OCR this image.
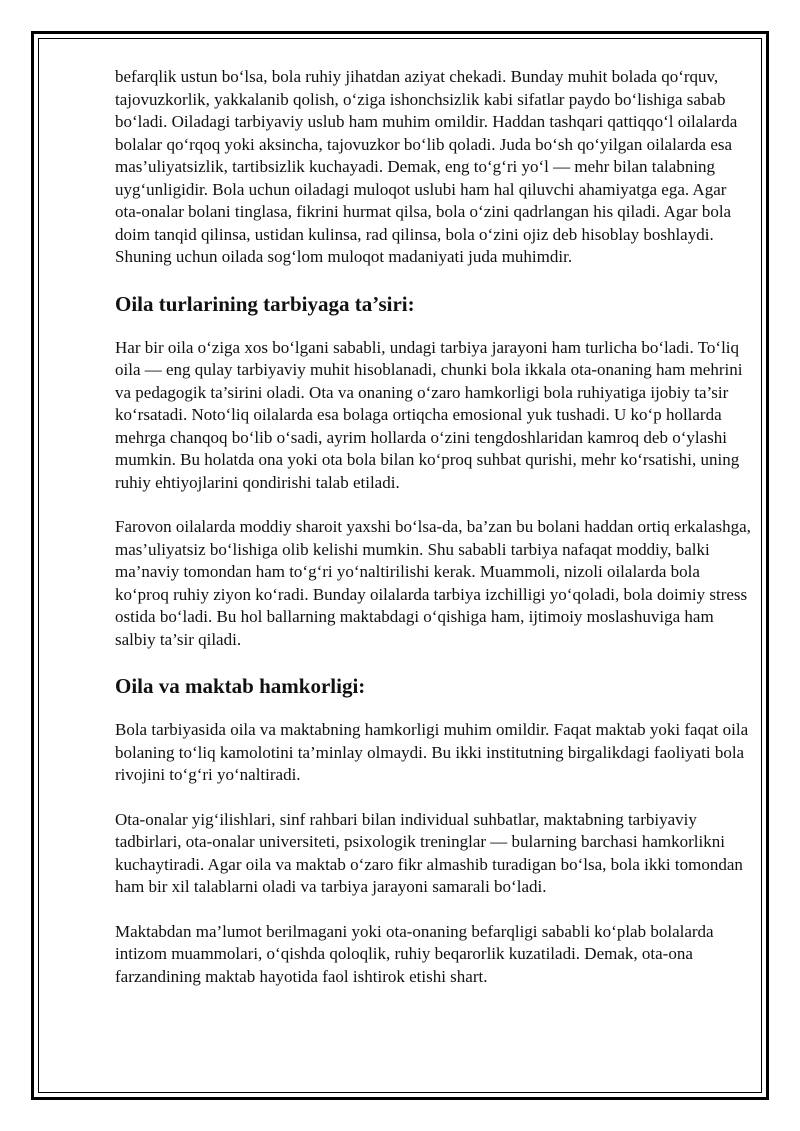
befarqlik ustun bo‘lsa, bola ruhiy jihatdan aziyat chekadi. Bunday muhit bolada qo‘rquv, tajovuzkorlik, yakkalanib qolish, o‘ziga ishonchsizlik kabi sifatlar paydo bo‘lishiga sabab bo‘ladi. Oiladagi tarbiyaviy uslub ham muhim omildir. Haddan tashqari qattiqqo‘l oilalarda bolalar qo‘rqoq yoki aksincha, tajovuzkor bo‘lib qoladi. Juda bo‘sh qo‘yilgan oilalarda esa mas’uliyatsizlik, tartibsizlik kuchayadi. Demak, eng to‘g‘ri yo‘l — mehr bilan talabning uyg‘unligidir. Bola uchun oiladagi muloqot uslubi ham hal qiluvchi ahamiyatga ega. Agar ota-onalar bolani tinglasa, fikrini hurmat qilsa, bola o‘zini qadrlangan his qiladi. Agar bola doim tanqid qilinsa, ustidan kulinsa, rad qilinsa, bola o‘zini ojiz deb hisoblay boshlaydi. Shuning uchun oilada sog‘lom muloqot madaniyati juda muhimdir.

Oila turlarining tarbiyaga ta’siri:

Har bir oila o‘ziga xos bo‘lgani sababli, undagi tarbiya jarayoni ham turlicha bo‘ladi. To‘liq oila — eng qulay tarbiyaviy muhit hisoblanadi, chunki bola ikkala ota-onaning ham mehrini va pedagogik ta’sirini oladi. Ota va onaning o‘zaro hamkorligi bola ruhiyatiga ijobiy ta’sir ko‘rsatadi. Noto‘liq oilalarda esa bolaga ortiqcha emosional yuk tushadi. U ko‘p hollarda mehrga chanqoq bo‘lib o‘sadi, ayrim hollarda o‘zini tengdoshlaridan kamroq deb o‘ylashi mumkin. Bu holatda ona yoki ota bola bilan ko‘proq suhbat qurishi, mehr ko‘rsatishi, uning ruhiy ehtiyojlarini qondirishi talab etiladi.

Farovon oilalarda moddiy sharoit yaxshi bo‘lsa-da, ba’zan bu bolani haddan ortiq erkalashga, mas’uliyatsiz bo‘lishiga olib kelishi mumkin. Shu sababli tarbiya nafaqat moddiy, balki ma’naviy tomondan ham to‘g‘ri yo‘naltirilishi kerak. Muammoli, nizoli oilalarda bola ko‘proq ruhiy ziyon ko‘radi. Bunday oilalarda tarbiya izchilligi yo‘qoladi, bola doimiy stress ostida bo‘ladi. Bu hol ballarning maktabdagi o‘qishiga ham, ijtimoiy moslashuviga ham salbiy ta’sir qiladi.

Oila va maktab hamkorligi:

Bola tarbiyasida oila va maktabning hamkorligi muhim omildir. Faqat maktab yoki faqat oila bolaning to‘liq kamolotini ta’minlay olmaydi. Bu ikki institutning birgalikdagi faoliyati bola rivojini to‘g‘ri yo‘naltiradi.

Ota-onalar yig‘ilishlari, sinf rahbari bilan individual suhbatlar, maktabning tarbiyaviy tadbirlari, ota-onalar universiteti, psixologik treninglar — bularning barchasi hamkorlikni kuchaytiradi. Agar oila va maktab o‘zaro fikr almashib turadigan bo‘lsa, bola ikki tomondan ham bir xil talablarni oladi va tarbiya jarayoni samarali bo‘ladi.

Maktabdan ma’lumot berilmagani yoki ota-onaning befarqligi sababli ko‘plab bolalarda intizom muammolari, o‘qishda qoloqlik, ruhiy beqarorlik kuzatiladi. Demak, ota-ona farzandining maktab hayotida faol ishtirok etishi shart.
